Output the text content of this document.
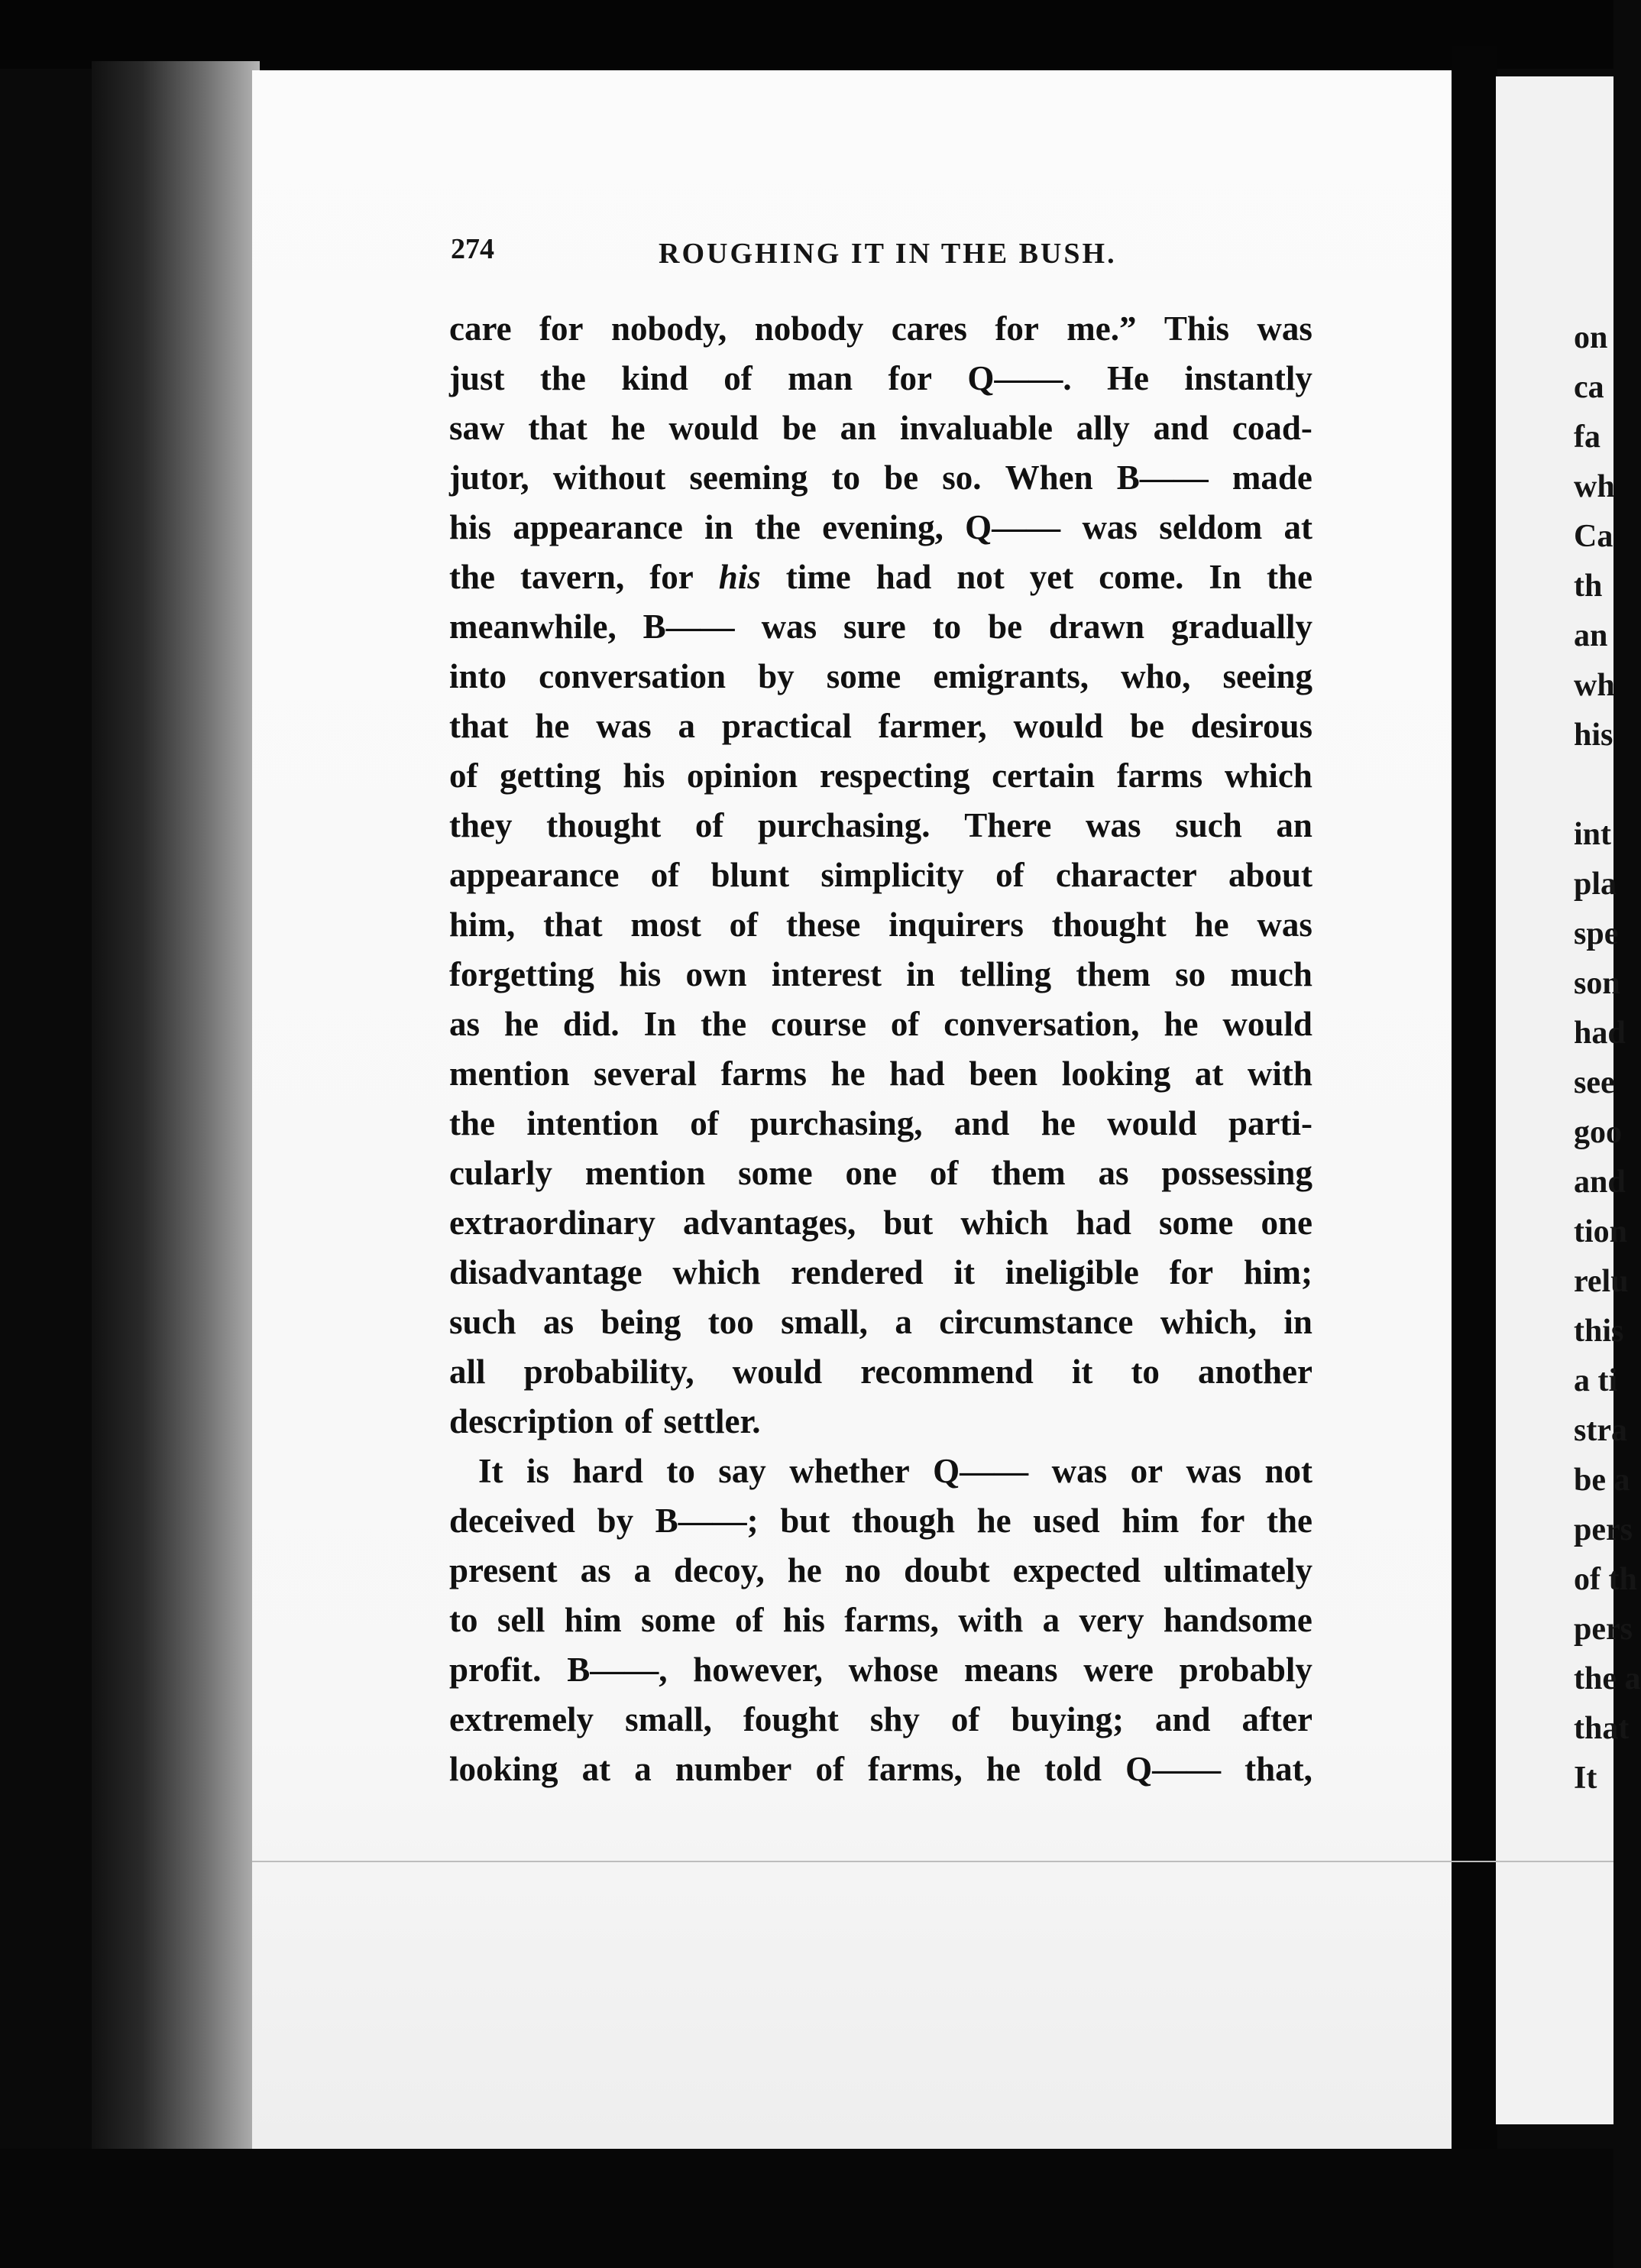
274	ROUGHING IT IN THE BUSH.
care for nobody, nobody cares for me.” This was
just the kind of man for Q——. He instantly
saw that he would be an invaluable ally and coad-
jutor, without seeming to be so. When B—— made
his appearance in the evening, Q—— was seldom at
the tavern, for his time had not yet come. In the
meanwhile, B—— was sure to be drawn gradually
into conversation by some emigrants, who, seeing
that he was a practical farmer, would be desirous
of getting his opinion respecting certain farms which
they thought of purchasing. There was such an
appearance of blunt simplicity of character about
him, that most of these inquirers thought he was
forgetting his own interest in telling them so much
as he did. In the course of conversation, he would
mention several farms he had been looking at with
the intention of purchasing, and he would parti-
cularly mention some one of them as possessing
extraordinary advantages, but which had some one
disadvantage which rendered it ineligible for him;
such as being too small, a circumstance which, in
all probability, would recommend it to another
description of settler.
It is hard to say whether Q—— was or was not
deceived by B——; but though he used him for the
present as a decoy, he no doubt expected ultimately
to sell him some of his farms, with a very handsome
profit. B——, however, whose means were probably
extremely small, fought shy of buying; and after
looking at a number of farms, he told Q—— that,
on
ca
fa
wh
Ca
th
an
wh
his
int
pla
spe
son
had
see
goo
and
tion
relu
this
a ti
stra
be a
pers
of th
pers
the a
that
It
